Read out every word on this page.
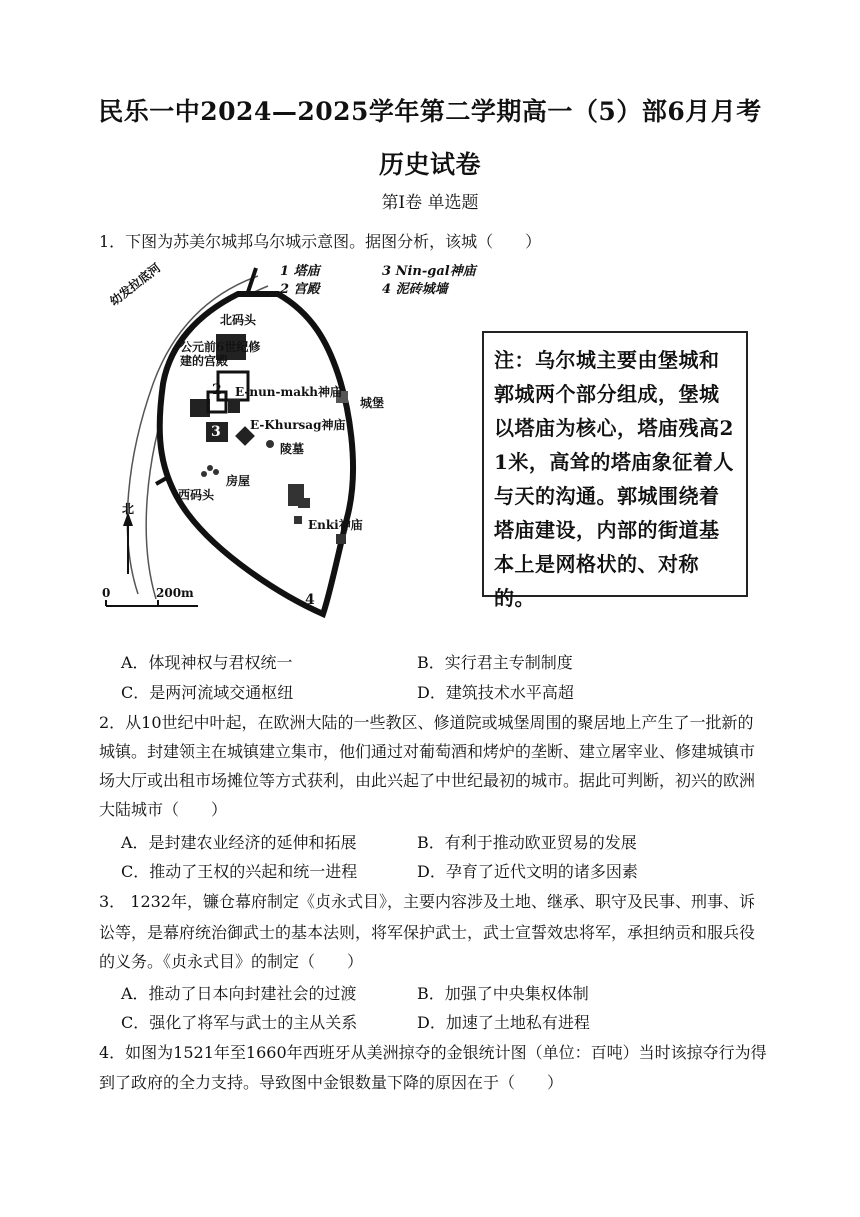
民乐一中2024—2025学年第二学期高一（5）部6月月考
历史试卷
第Ⅰ卷 单选题
1．下图为苏美尔城邦乌尔城示意图。据图分析，该城（　　）
1 塔庙
2 宫殿
3 Nin-gal神庙
4 泥砖城墙
幼发拉底河
北码头
公元前6世纪修建的宫殿
E-nun-makh神庙
E-Khursag神庙
城堡
陵墓
房屋
西码头
Enki神庙
1
2
3
4
北
0	200m
注：乌尔城主要由堡城和郭城两个部分组成，堡城以塔庙为核心，塔庙残高21米，高耸的塔庙象征着人与天的沟通。郭城围绕着塔庙建设，内部的街道基本上是网格状的、对称的。
A．体现神权与君权统一	B．实行君主专制制度
C．是两河流域交通枢纽	D．建筑技术水平高超
2．从10世纪中叶起，在欧洲大陆的一些教区、修道院或城堡周围的聚居地上产生了一批新的
城镇。封建领主在城镇建立集市，他们通过对葡萄酒和烤炉的垄断、建立屠宰业、修建城镇市
场大厅或出租市场摊位等方式获利，由此兴起了中世纪最初的城市。据此可判断，初兴的欧洲
大陆城市（　　）
A．是封建农业经济的延伸和拓展	B．有利于推动欧亚贸易的发展
C．推动了王权的兴起和统一进程	D．孕育了近代文明的诸多因素
3． 1232年，镰仓幕府制定《贞永式目》，主要内容涉及土地、继承、职守及民事、刑事、诉
讼等，是幕府统治御武士的基本法则，将军保护武士，武士宣誓效忠将军，承担纳贡和服兵役
的义务。《贞永式目》的制定（　　）
A．推动了日本向封建社会的过渡	B．加强了中央集权体制
C．强化了将军与武士的主从关系	D．加速了土地私有进程
4．如图为1521年至1660年西班牙从美洲掠夺的金银统计图（单位：百吨）当时该掠夺行为得
到了政府的全力支持。导致图中金银数量下降的原因在于（　　）
